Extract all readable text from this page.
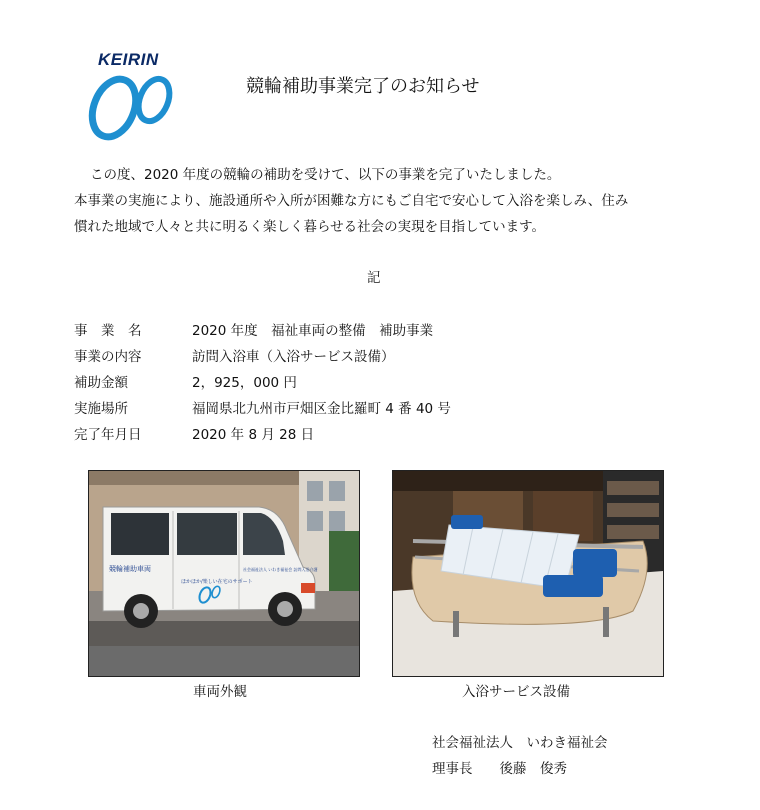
KEIRIN
競輪補助事業完了のお知らせ
この度、2020 年度の競輪の補助を受けて、以下の事業を完了いたしました。
本事業の実施により、施設通所や入所が困難な方にもご自宅で安心して入浴を楽しみ、住み
慣れた地域で人々と共に明るく楽しく暮らせる社会の実現を目指しています。
記
事　業　名	2020 年度　福祉車両の整備　補助事業
事業の内容	訪問入浴車（入浴サービス設備）
補助金額	2，925，000 円
実施場所	福岡県北九州市戸畑区金比羅町 4 番 40 号
完了年月日	2020 年 8 月 28 日
競輪補助車両
ほかほか/楽しい在宅のサポート
社会福祉法人 いわき福祉会 訪問入浴介護
車両外観	入浴サービス設備
社会福祉法人　いわき福祉会
理事長　　後藤　俊秀
